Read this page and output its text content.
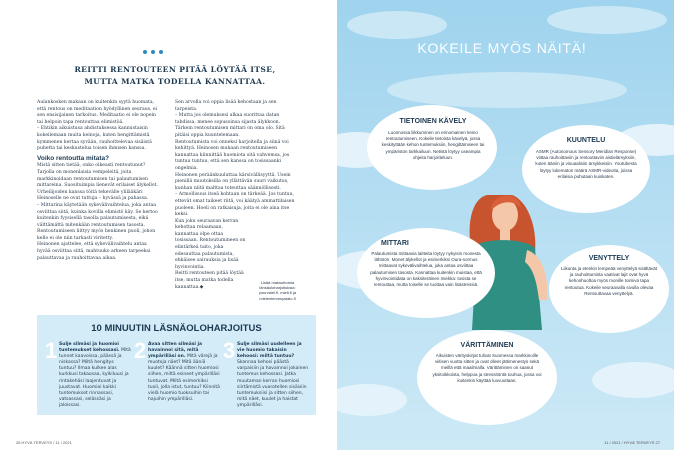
REITTI RENTOUTEEN PITÄÄ LÖYTÄÄ ITSE, MUTTA MATKA TODELLA KANNATTAA.

Aulankosken makaan on kuitenkin syytä huomata, että rentous on meditaation hyödyllinen seuraus, ei sen ensisijainen tarkoitus. Meditaatio ei ole nopein tai helpoin tapa rentouttaa elimistöä.

– Ehtikin aikuistusa ahdistuksessa kannustaisin kokeilemaan muita keinoja, kuten hengittämistä kymmenen kertaa syvään, rauhoittelevaa sisäistä puhetta tai keskustelua toisen ihmisen kanssa.

Voiko rentoutta mitata?

Mistä sitten tietää, onko oikeasti rentoutunut? Tarjolla on monenlaisia vempeleitä, joita markkinoidaan rentoutumisen tai palautumisen mittareina. Suosituimpia lienevät erilaiset älykellot. Urheilijoiden kanssa töitä tekevälle ylilääkäri Heinoselle ne ovat tuttuja – hyvässä ja pahassa.

– Mittarina käytetään sykevälivaihtelua, joka antaa osviittaa siitä, kuinka kovilla elimistö käy. Se kertoo kuitenkin fyysisellä tasolla palautumisesta, eikä välttämättä mitenkään rentoutumisen tasosta. Rentoutumiseen liittyy myös henkinen puoli, johon kello ei ole niin tarkasti viritetty.

Heinonen ajattelee, että sykevälivaihtelu antaa hyvää osviittaa siitä, mahtuuko arkeen tarpeeksi palauttavaa ja rauhoittavaa aikaa.

Sen arvolla voi oppia lisää kehostaan ja sen tarpeista.

– Mutta jos olemuksesi alkaa suorittaa datan tahdissa, menee sopusoinsa sijasta älykkoon. Tärkein rentoutumisen mittari on oma olo. Sitä pitäisi oppia kuuntelemaan.

Rentoutumista voi onneksi harjoitella ja siinä voi kehittyä. Heinosen mukaan rentoutumiseen kannattaa kiinnittää huomiota sitä vahvemsa, jos tuntuu tuntuu, että sen kanssa on tosissaanki ongelmia.

Heinonen peräänkuuluttaa kärsivällisyyttä. Usein pienillä muutoksilla on yllättävän suuri vaikutus, kunhan niitä malttaa toteuttaa säännöllisesti.

– Armollisuus itseä kohtaan on tärkeää. Jos tuntuu, ettevät omat taikeet riitä, voi käätyä ammattilaisen puoleen. Hoeli on ratkaisuja, joita ei ole aina itse keksi.

Kun joku seuraavan kerran kehottaa relaamaan, kannattaa olpe ottaa tosissaan. Rentoutumineen on elintärkeä taito, joka edesauttaa palautumista, ehkäisee sairauksia ja lisää hyvinvointia.

Reitti rentouteen pitää löytää itse, mutta matka todella kannattaa.◆

Lisää maksuttomia länsäoloharjoituksia: yourvaiel.fi, mielt.fi ja mielentervesystalo.fi
10 MINUUTIN LÄSNÄOLOHARJOITUS
1 Sulje silmäsi ja huomioi tuntemukset kehossasi. Mitä tunnet kaavoissa, päässä ja niskassa? Miltä hengitys tuntuu? Ilmaa kulkee alas kurkkusi takaosaa, kylkiluusi ja rintakehäsi laajentuvat ja juustavat. Huomioi kaikki tuntemukset rinnassasi, vatsassasi, selässäsi ja jaloissasi.
2 Avaa sitten silmäsi ja havainnoi sitä, mitä ympärilläsi on. Mitä värejä ja muotoja näet? Mitä ääniä kuulet? Käännä sitten huomiosi siihen, miltä esineet ympärilläsi tuntuvat. Miltä esimerkiksi tuoli, jolla istut, tuntuu? Kiinnitä vielä huomio tuoksuihin tai hajuihin ympärilläsi.
3 Sulje silmäsi uudelleen ja vie huomio takaisin kehoosi: miltä tuntuu? Skannaa kehosi päästä varpaisiin ja havainnoi jokainen tuntemus kehossasi. Jatka muutaman kerran huomiosi siirtämistä vuorotellen sisäisiin tuntemuksiisi ja sitten siihen, mitä näet, kuulet ja haistat ympärilläsi.
26 HYVÄ TERVEYS / 11 / 2021
KOKEILE MYÖS NÄITÄ!
TIETOINEN KÄVELY
Luonnossa liikkuminen on erinomainen keino rentoutumiseen. Kokeile tietoista kävelyä, jossa keskityttään kehon tuntemuksiin, hengittämiseen tai ympäristön tarkkailuun. Netistä löytyy useampia ohjeita harjoitteluun.
KUUNTELU
ASMR (Autonomous Sensory Meridian Response) viittaa rauhoittaviin ja rentouttaviin aistielämyksiin, kuten ääniin ja visuaalisiin ärsykkeisiin. Youtubesta löytyy lukematon määrä ASMR-videoita, joissa erilaisia puhutaan kuiskaten.
MITTARI
Palautumista mittaavia laitteita löytyy nykyisin monesta lähtöön. Monet älykellot ja esimerkiksi Oura-sormus mittaavat sykevälivaihtelua, joka antaa osviittaa palautumisen tasosta. Kannattaa kuitenkin muistaa, että hyvinvointidata on kaksiteräinen miekka: tosista se rentouttaa, mutta toiselle se tuottaa vain lisästressiä.
VENYTTELY
Liikunta ja etenkin lempeää venyttelyä sisältävät ja rauhoittumista vaativat lajit ovat hyvä kehonhuoltoa myös monille toimiva tapa rentoutua. Kokeile seuraavalla sivulla olevaa Rentouttavaa venyttelyä.
VÄRITTÄMINEN
Aikuisten värityskirjat tulivat Suomessa markkinoille viitisen vuotta sitten ja ovat olleet jättimenestys sekä meillä että maailmalla. Värittäminen on saanut yksitoikkoista, helppoa ja stressitöntä touhua, jossa voi kuitenkin käyttää luovuuttaan.
11 / 2021 / HYVÄ TERVEYS 27
